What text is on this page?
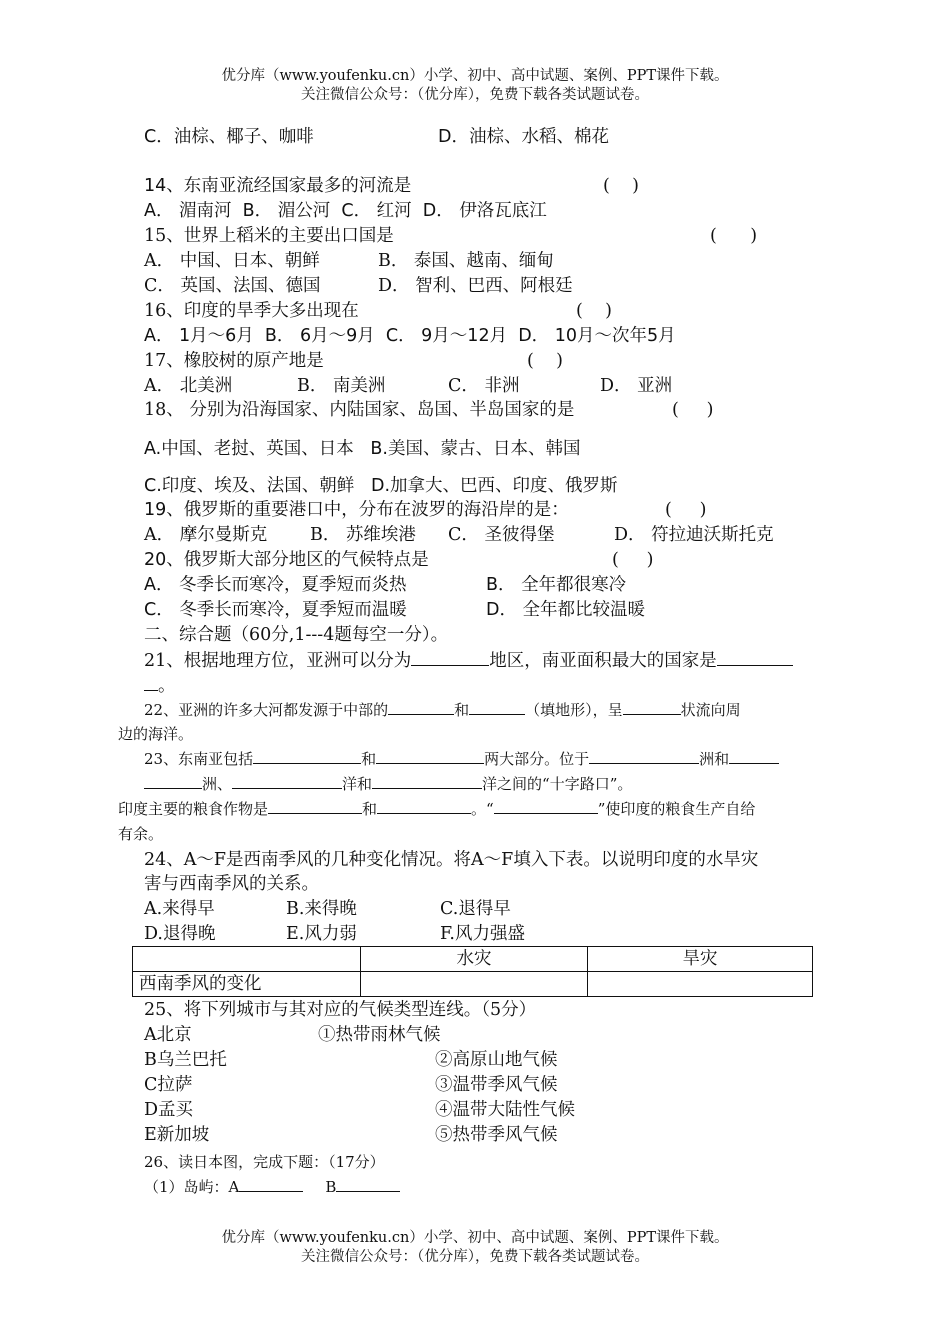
优分库（www.youfenku.cn）小学、初中、高中试题、案例、PPT课件下载。
关注微信公众号：（优分库），免费下载各类试题试卷。
C．油棕、椰子、咖啡	D．油棕、水稻、棉花
14、东南亚流经国家最多的河流是	(    )
A． 湄南河  B． 湄公河  C． 红河  D． 伊洛瓦底江
15、世界上稻米的主要出口国是	(      )
A． 中国、日本、朝鲜	B． 泰国、越南、缅甸
C． 英国、法国、德国	D． 智利、巴西、阿根廷
16、印度的旱季大多出现在	(    )
A． 1月～6月  B． 6月～9月  C． 9月～12月  D． 10月～次年5月
17、橡胶树的原产地是	(    )
A． 北美洲	B． 南美洲	C． 非洲	D． 亚洲
18、 分别为沿海国家、内陆国家、岛国、半岛国家的是	(     )
A.中国、老挝、英国、日本   B.美国、蒙古、日本、韩国
C.印度、埃及、法国、朝鲜   D.加拿大、巴西、印度、俄罗斯
19、俄罗斯的重要港口中，分布在波罗的海沿岸的是：	(     )
A． 摩尔曼斯克 B． 苏维埃港 C． 圣彼得堡	D． 符拉迪沃斯托克
20、俄罗斯大部分地区的气候特点是	(     )
A． 冬季长而寒冷，夏季短而炎热	B． 全年都很寒冷
C． 冬季长而寒冷，夏季短而温暖	D． 全年都比较温暖
二、综合题（60分,1---4题每空一分）。
21、根据地理方位，亚洲可以分为	地区，南亚面积最大的国家是
。
22、亚洲的许多大河都发源于中部的	和	（填地形），呈	状流向周
边的海洋。
23、东南亚包括	和	两大部分。位于	洲和
洲、	洋和	洋之间的“十字路口”。
印度主要的粮食作物是	和	。“	”使印度的粮食生产自给
有余。
24、A～F是西南季风的几种变化情况。将A～F填入下表。以说明印度的水旱灾
害与西南季风的关系。
A.来得早	B.来得晚	C.退得早
D.退得晚	E.风力弱	F.风力强盛
	水灾	旱灾
西南季风的变化		
25、将下列城市与其对应的气候类型连线。（5分）
A北京	①热带雨林气候
B乌兰巴托	②高原山地气候
C拉萨	③温带季风气候
D孟买	④温带大陆性气候
E新加坡	⑤热带季风气候
26、读日本图，完成下题：（17分）
（1）岛屿：A	B
优分库（www.youfenku.cn）小学、初中、高中试题、案例、PPT课件下载。
关注微信公众号：（优分库），免费下载各类试题试卷。
